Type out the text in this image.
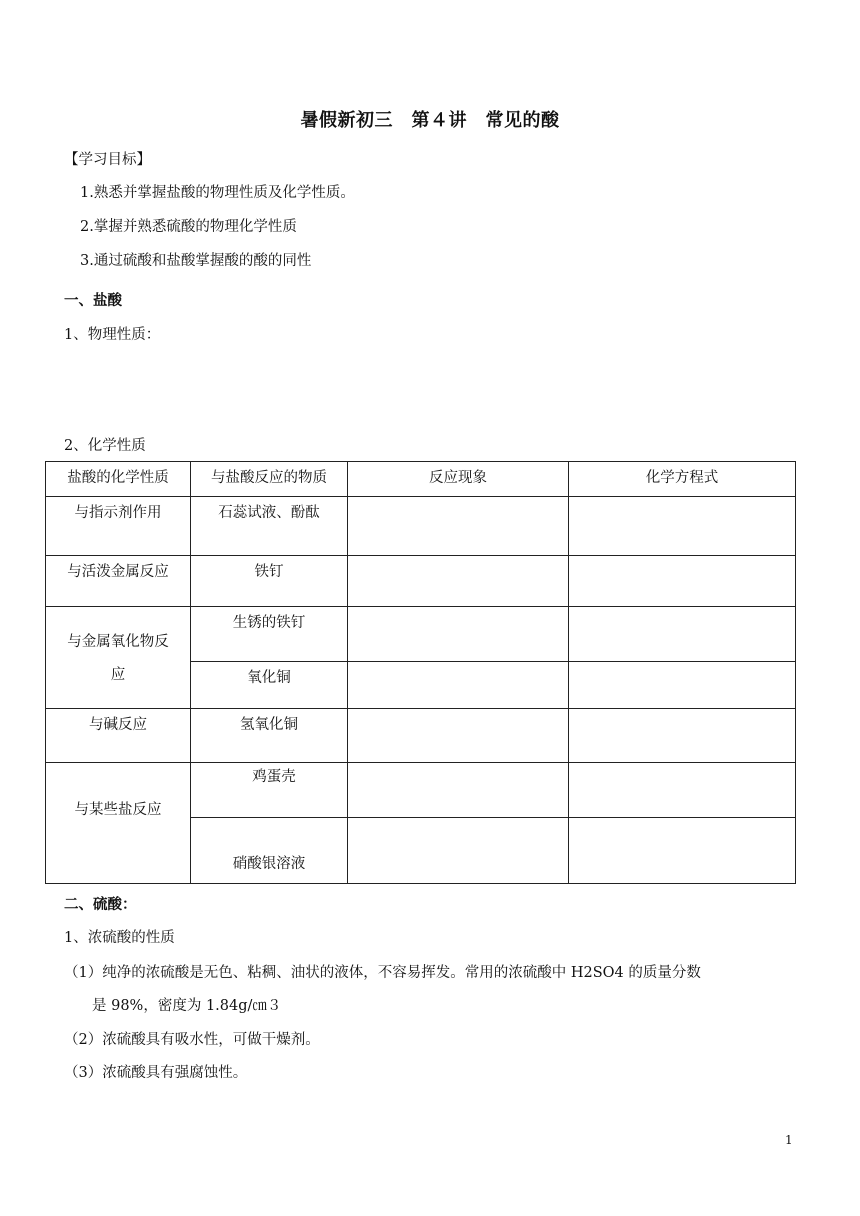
暑假新初三　第４讲　常见的酸
【学习目标】
1.熟悉并掌握盐酸的物理性质及化学性质。
2.掌握并熟悉硫酸的物理化学性质
3.通过硫酸和盐酸掌握酸的酸的同性
一、盐酸
1、物理性质：
2、化学性质
盐酸的化学性质	与盐酸反应的物质	反应现象	化学方程式

与指示剂作用	石蕊试液、酚酞		

与活泼金属反应	铁钉		

与金属氧化物反
应	生锈的铁钉		

	氧化铜		

与碱反应	氢氧化铜		

与某些盐反应	鸡蛋壳		

	硝酸银溶液		

二、硫酸：
1、浓硫酸的性质
（1）纯净的浓硫酸是无色、粘稠、油状的液体，不容易挥发。常用的浓硫酸中 H2SO4 的质量分数
是 98%，密度为 1.84g/㎝３
（2）浓硫酸具有吸水性，可做干燥剂。
（3）浓硫酸具有强腐蚀性。
1
